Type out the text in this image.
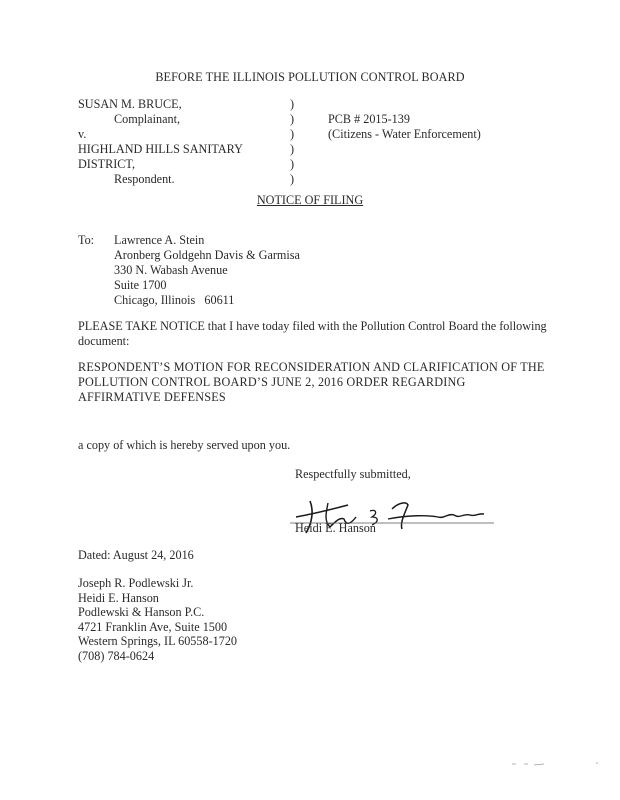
BEFORE THE ILLINOIS POLLUTION CONTROL BOARD
SUSAN M. BRUCE,
Complainant,
v.
HIGHLAND HILLS SANITARY
DISTRICT,
Respondent.
)
)
)
)
)
)
PCB # 2015-139
(Citizens - Water Enforcement)
NOTICE OF FILING
To: Lawrence A. Stein
Aronberg Goldgehn Davis & Garmisa
330 N. Wabash Avenue
Suite 1700
Chicago, Illinois   60611
PLEASE TAKE NOTICE that I have today filed with the Pollution Control Board the following
document:
RESPONDENT’S MOTION FOR RECONSIDERATION AND CLARIFICATION OF THE
POLLUTION CONTROL BOARD’S JUNE 2, 2016 ORDER REGARDING
AFFIRMATIVE DEFENSES
a copy of which is hereby served upon you.
Respectfully submitted,
Heidi E. Hanson
Dated: August 24, 2016
Joseph R. Podlewski Jr.
Heidi E. Hanson
Podlewski & Hanson P.C.
4721 Franklin Ave, Suite 1500
Western Springs, IL 60558-1720
(708) 784-0624
